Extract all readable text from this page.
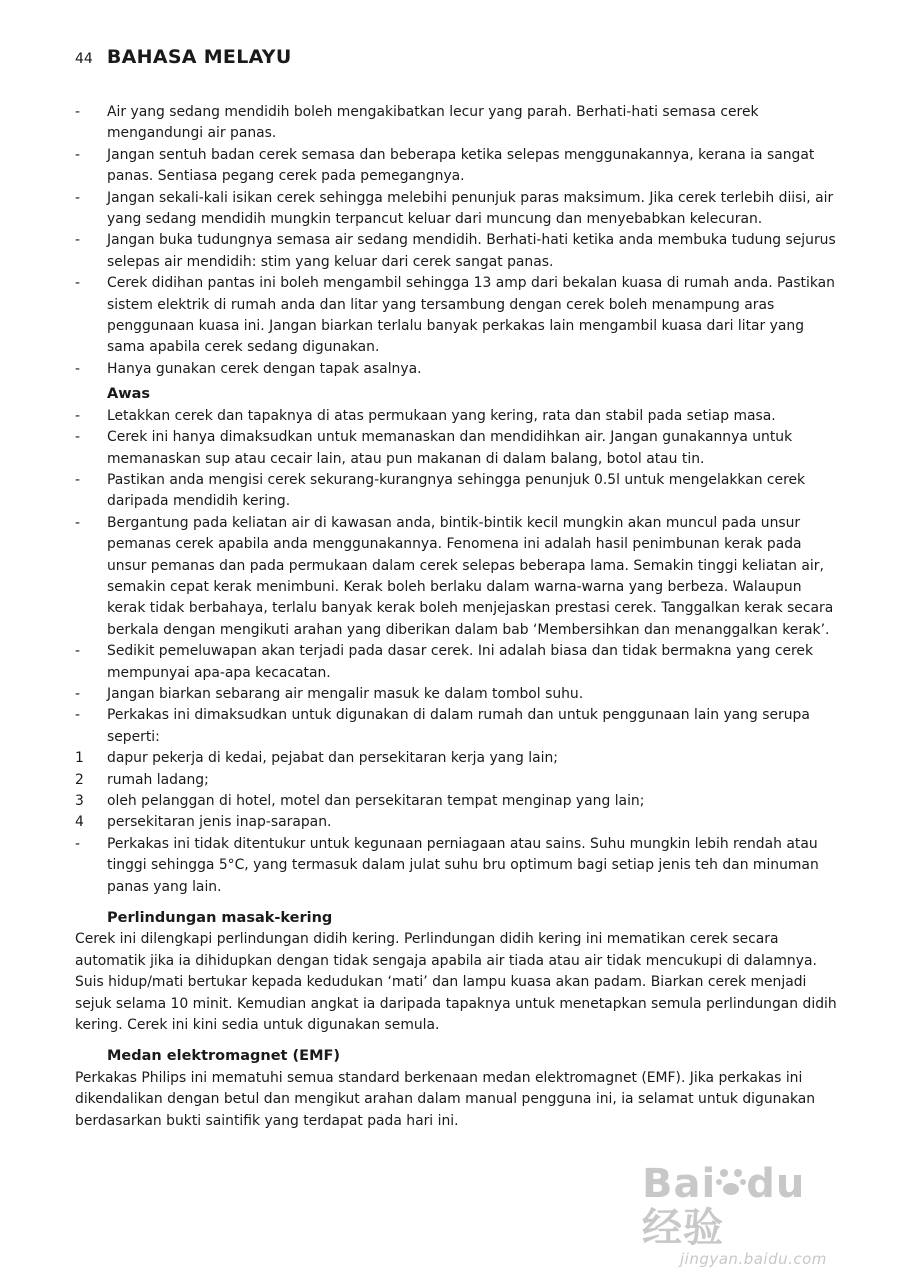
44 BAHASA MELAYU
-	Air yang sedang mendidih boleh mengakibatkan lecur yang parah. Berhati-hati semasa cerek mengandungi air panas.
-	Jangan sentuh badan cerek semasa dan beberapa ketika selepas menggunakannya, kerana ia sangat panas. Sentiasa pegang cerek pada pemegangnya.
-	Jangan sekali-kali isikan cerek sehingga melebihi penunjuk paras maksimum. Jika cerek terlebih diisi, air yang sedang mendidih mungkin terpancut keluar dari muncung dan menyebabkan kelecuran.
-	Jangan buka tudungnya semasa air sedang mendidih. Berhati-hati ketika anda membuka tudung sejurus selepas air mendidih: stim yang keluar dari cerek sangat panas.
-	Cerek didihan pantas ini boleh mengambil sehingga 13 amp dari bekalan kuasa di rumah anda. Pastikan sistem elektrik di rumah anda dan litar yang tersambung dengan cerek boleh menampung aras penggunaan kuasa ini. Jangan biarkan terlalu banyak perkakas lain mengambil kuasa dari litar yang sama apabila cerek sedang digunakan.
-	Hanya gunakan cerek dengan tapak asalnya.
Awas
-	Letakkan cerek dan tapaknya di atas permukaan yang kering, rata dan stabil pada setiap masa.
-	Cerek ini hanya dimaksudkan untuk memanaskan dan mendidihkan air. Jangan gunakannya untuk memanaskan sup atau cecair lain, atau pun makanan di dalam balang, botol atau tin.
-	Pastikan anda mengisi cerek sekurang-kurangnya sehingga penunjuk 0.5l untuk mengelakkan cerek daripada mendidih kering.
-	Bergantung pada keliatan air di kawasan anda, bintik-bintik kecil mungkin akan muncul pada unsur pemanas cerek apabila anda menggunakannya. Fenomena ini adalah hasil penimbunan kerak pada unsur pemanas dan pada permukaan dalam cerek selepas beberapa lama. Semakin tinggi keliatan air, semakin cepat kerak menimbuni. Kerak boleh berlaku dalam warna-warna yang berbeza. Walaupun kerak tidak berbahaya, terlalu banyak kerak boleh menjejaskan prestasi cerek. Tanggalkan kerak secara berkala dengan mengikuti arahan yang diberikan dalam bab ‘Membersihkan dan menanggalkan kerak’.
-	Sedikit pemeluwapan akan terjadi pada dasar cerek. Ini adalah biasa dan tidak bermakna yang cerek mempunyai apa-apa kecacatan.
-	Jangan biarkan sebarang air mengalir masuk ke dalam tombol suhu.
-	Perkakas ini dimaksudkan untuk digunakan di dalam rumah dan untuk penggunaan lain yang serupa seperti:
1	dapur pekerja di kedai, pejabat dan persekitaran kerja yang lain;
2	rumah ladang;
3	oleh pelanggan di hotel, motel dan persekitaran tempat menginap yang lain;
4	persekitaran jenis inap-sarapan.
-	Perkakas ini tidak ditentukur untuk kegunaan perniagaan atau sains. Suhu mungkin lebih rendah atau tinggi sehingga 5°C, yang termasuk dalam julat suhu bru optimum bagi setiap jenis teh dan minuman panas yang lain.
Perlindungan masak-kering

Cerek ini dilengkapi perlindungan didih kering. Perlindungan didih kering ini mematikan cerek secara automatik jika ia dihidupkan dengan tidak sengaja apabila air tiada atau air tidak mencukupi di dalamnya. Suis hidup/mati bertukar kepada kedudukan ‘mati’ dan lampu kuasa akan padam. Biarkan cerek menjadi sejuk selama 10 minit. Kemudian angkat ia daripada tapaknya untuk menetapkan semula perlindungan didih kering. Cerek ini kini sedia untuk digunakan semula.

Medan elektromagnet (EMF)

Perkakas Philips ini mematuhi semua standard berkenaan medan elektromagnet (EMF). Jika perkakas ini dikendalikan dengan betul dan mengikut arahan dalam manual pengguna ini, ia selamat untuk digunakan berdasarkan bukti saintifik yang terdapat pada hari ini.

Bai du经验
jingyan.baidu.com
